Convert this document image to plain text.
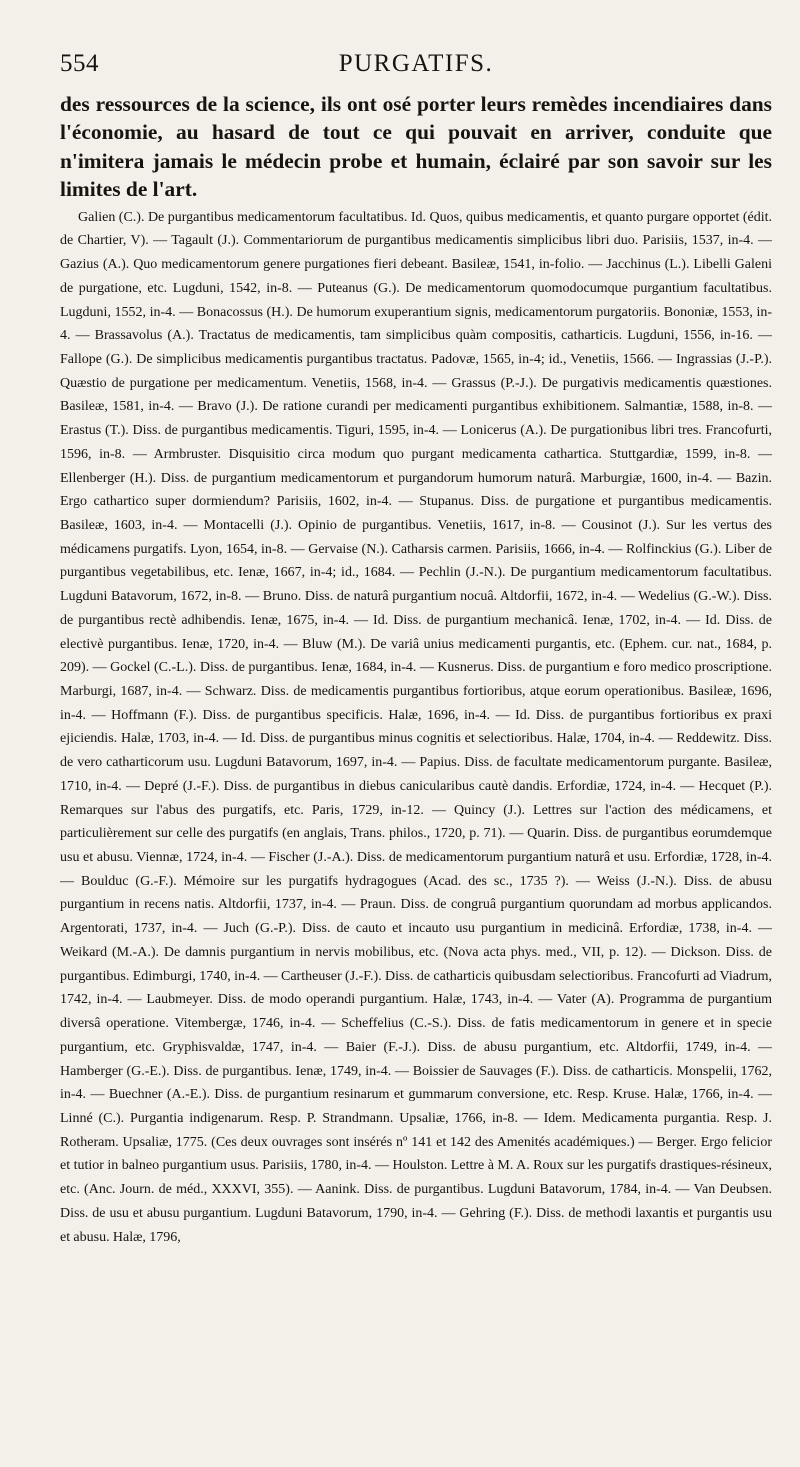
554	PURGATIFS.

des ressources de la science, ils ont osé porter leurs remèdes incendiaires dans l'économie, au hasard de tout ce qui pouvait en arriver, conduite que n'imitera jamais le médecin probe et humain, éclairé par son savoir sur les limites de l'art.

Galien (C.). De purgantibus medicamentorum facultatibus. Id. Quos, quibus medicamentis, et quanto purgare opportet (édit. de Chartier, V). — Tagault (J.). Commentariorum de purgantibus medicamentis simplicibus libri duo. Parisiis, 1537, in-4. — Gazius (A.). Quo medicamentorum genere purgationes fieri debeant. Basileæ, 1541, in-folio. — Jacchinus (L.). Libelli Galeni de purgatione, etc. Lugduni, 1542, in-8. — Puteanus (G.). De medicamentorum quomodocumque purgantium facultatibus. Lugduni, 1552, in-4. — Bonacossus (H.). De humorum exuperantium signis, medicamentorum purgatoriis. Bononiæ, 1553, in-4. — Brassavolus (A.). Tractatus de medicamentis, tam simplicibus quàm compositis, catharticis. Lugduni, 1556, in-16. — Fallope (G.). De simplicibus medicamentis purgantibus tractatus. Padovæ, 1565, in-4; id., Venetiis, 1566. — Ingrassias (J.-P.). Quæstio de purgatione per medicamentum. Venetiis, 1568, in-4. — Grassus (P.-J.). De purgativis medicamentis quæstiones. Basileæ, 1581, in-4. — Bravo (J.). De ratione curandi per medicamenti purgantibus exhibitionem. Salmantiæ, 1588, in-8. — Erastus (T.). Diss. de purgantibus medicamentis. Tiguri, 1595, in-4. — Lonicerus (A.). De purgationibus libri tres. Francofurti, 1596, in-8. — Armbruster. Disquisitio circa modum quo purgant medicamenta cathartica. Stuttgardiæ, 1599, in-8. — Ellenberger (H.). Diss. de purgantium medicamentorum et purgandorum humorum naturâ. Marburgiæ, 1600, in-4. — Bazin. Ergo cathartico super dormiendum? Parisiis, 1602, in-4. — Stupanus. Diss. de purgatione et purgantibus medicamentis. Basileæ, 1603, in-4. — Montacelli (J.). Opinio de purgantibus. Venetiis, 1617, in-8. — Cousinot (J.). Sur les vertus des médicamens purgatifs. Lyon, 1654, in-8. — Gervaise (N.). Catharsis carmen. Parisiis, 1666, in-4. — Rolfinckius (G.). Liber de purgantibus vegetabilibus, etc. Ienæ, 1667, in-4; id., 1684. — Pechlin (J.-N.). De purgantium medicamentorum facultatibus. Lugduni Batavorum, 1672, in-8. — Bruno. Diss. de naturâ purgantium nocuâ. Altdorfii, 1672, in-4. — Wedelius (G.-W.). Diss. de purgantibus rectè adhibendis. Ienæ, 1675, in-4. — Id. Diss. de purgantium mechanicâ. Ienæ, 1702, in-4. — Id. Diss. de electivè purgantibus. Ienæ, 1720, in-4. — Bluw (M.). De variâ unius medicamenti purgantis, etc. (Ephem. cur. nat., 1684, p. 209). — Gockel (C.-L.). Diss. de purgantibus. Ienæ, 1684, in-4. — Kusnerus. Diss. de purgantium e foro medico proscriptione. Marburgi, 1687, in-4. — Schwarz. Diss. de medicamentis purgantibus fortioribus, atque eorum operationibus. Basileæ, 1696, in-4. — Hoffmann (F.). Diss. de purgantibus specificis. Halæ, 1696, in-4. — Id. Diss. de purgantibus fortioribus ex praxi ejiciendis. Halæ, 1703, in-4. — Id. Diss. de purgantibus minus cognitis et selectioribus. Halæ, 1704, in-4. — Reddewitz. Diss. de vero catharticorum usu. Lugduni Batavorum, 1697, in-4. — Papius. Diss. de facultate medicamentorum purgante. Basileæ, 1710, in-4. — Depré (J.-F.). Diss. de purgantibus in diebus canicularibus cautè dandis. Erfordiæ, 1724, in-4. — Hecquet (P.). Remarques sur l'abus des purgatifs, etc. Paris, 1729, in-12. — Quincy (J.). Lettres sur l'action des médicamens, et particulièrement sur celle des purgatifs (en anglais, Trans. philos., 1720, p. 71). — Quarin. Diss. de purgantibus eorumdemque usu et abusu. Viennæ, 1724, in-4. — Fischer (J.-A.). Diss. de medicamentorum purgantium naturâ et usu. Erfordiæ, 1728, in-4. — Boulduc (G.-F.). Mémoire sur les purgatifs hydragogues (Acad. des sc., 1735 ?). — Weiss (J.-N.). Diss. de abusu purgantium in recens natis. Altdorfii, 1737, in-4. — Praun. Diss. de congruâ purgantium quorundam ad morbus applicandos. Argentorati, 1737, in-4. — Juch (G.-P.). Diss. de cauto et incauto usu purgantium in medicinâ. Erfordiæ, 1738, in-4. — Weikard (M.-A.). De damnis purgantium in nervis mobilibus, etc. (Nova acta phys. med., VII, p. 12). — Dickson. Diss. de purgantibus. Edimburgi, 1740, in-4. — Cartheuser (J.-F.). Diss. de catharticis quibusdam selectioribus. Francofurti ad Viadrum, 1742, in-4. — Laubmeyer. Diss. de modo operandi purgantium. Halæ, 1743, in-4. — Vater (A). Programma de purgantium diversâ operatione. Vitembergæ, 1746, in-4. — Scheffelius (C.-S.). Diss. de fatis medicamentorum in genere et in specie purgantium, etc. Gryphisvaldæ, 1747, in-4. — Baier (F.-J.). Diss. de abusu purgantium, etc. Altdorfii, 1749, in-4. — Hamberger (G.-E.). Diss. de purgantibus. Ienæ, 1749, in-4. — Boissier de Sauvages (F.). Diss. de catharticis. Monspelii, 1762, in-4. — Buechner (A.-E.). Diss. de purgantium resinarum et gummarum conversione, etc. Resp. Kruse. Halæ, 1766, in-4. — Linné (C.). Purgantia indigenarum. Resp. P. Strandmann. Upsaliæ, 1766, in-8. — Idem. Medicamenta purgantia. Resp. J. Rotheram. Upsaliæ, 1775. (Ces deux ouvrages sont insérés nº 141 et 142 des Amenités académiques.) — Berger. Ergo felicior et tutior in balneo purgantium usus. Parisiis, 1780, in-4. — Houlston. Lettre à M. A. Roux sur les purgatifs drastiques-résineux, etc. (Anc. Journ. de méd., XXXVI, 355). — Aanink. Diss. de purgantibus. Lugduni Batavorum, 1784, in-4. — Van Deubsen. Diss. de usu et abusu purgantium. Lugduni Batavorum, 1790, in-4. — Gehring (F.). Diss. de methodi laxantis et purgantis usu et abusu. Halæ, 1796,
